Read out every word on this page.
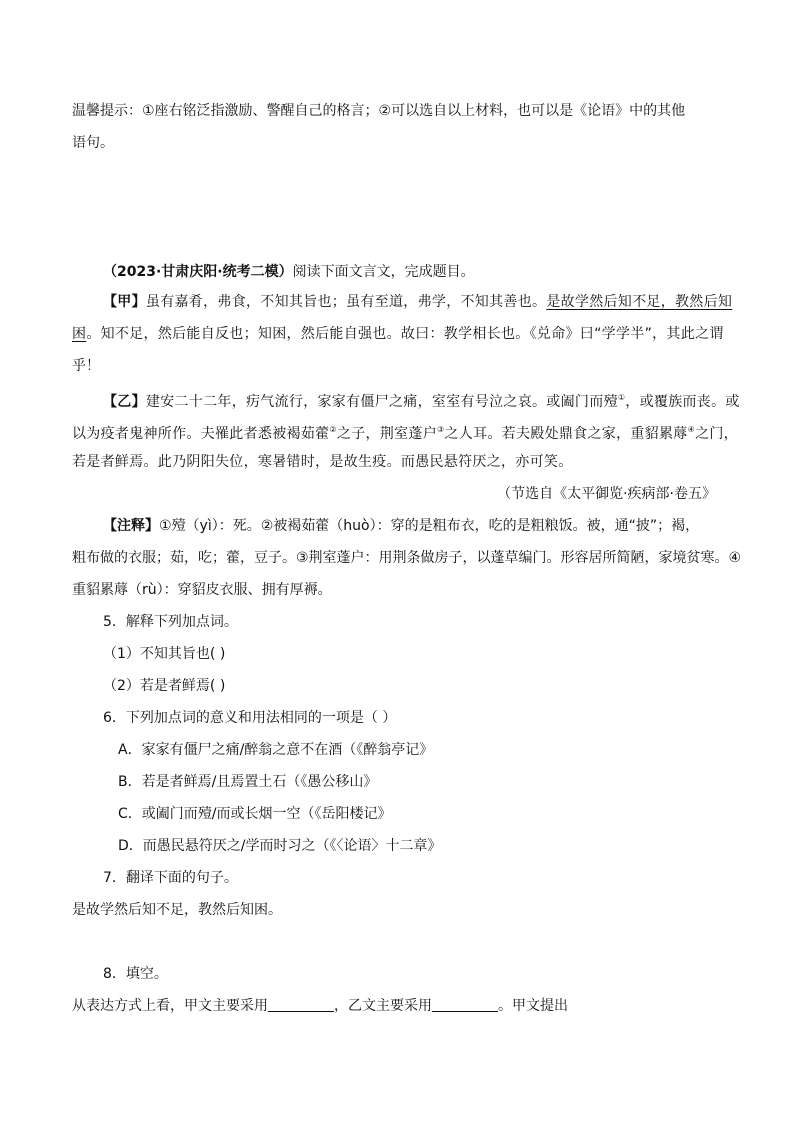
温馨提示：①座右铭泛指激励、警醒自己的格言；②可以选自以上材料，也可以是《论语》中的其他
语句。
（2023·甘肃庆阳·统考二模）阅读下面文言文，完成题目。
【甲】虽有嘉肴，弗食，不知其旨也；虽有至道，弗学，不知其善也。是故学然后知不足，教然后知
困。知不足，然后能自反也；知困，然后能自强也。故曰：教学相长也。《兑命》曰“学学半”，其此之谓
乎！
【乙】建安二十二年，疠气流行，家家有僵尸之痛，室室有号泣之哀。或阖门而殪①，或覆族而丧。或
以为疫者鬼神所作。夫罹此者悉被褐茹藿②之子，荆室蓬户③之人耳。若夫殿处鼎食之家，重貂累蓐④之门，
若是者鲜焉。此乃阴阳失位，寒暑错时，是故生疫。而愚民悬符厌之，亦可笑。
（节选自《太平御览·疾病部·卷五》
【注释】①殪（yì）：死。②被褐茹藿（huò）：穿的是粗布衣，吃的是粗粮饭。被，通“披”；褐，
粗布做的衣服；茹，吃；藿，豆子。③荆室蓬户：用荆条做房子，以蓬草编门。形容居所简陋，家境贫寒。④
重貂累蓐（rù）：穿貂皮衣服、拥有厚褥。
5．解释下列加点词。
（1）不知其旨也( )
（2）若是者鲜焉( )
6．下列加点词的意义和用法相同的一项是（ ）
A．家家有僵尸之痛/醉翁之意不在酒（《醉翁亭记》
B．若是者鲜焉/且焉置土石（《愚公移山》
C．或阖门而殪/而或长烟一空（《岳阳楼记》
D．而愚民悬符厌之/学而时习之（《〈论语〉十二章》
7．翻译下面的句子。
是故学然后知不足，教然后知困。
8．填空。
从表达方式上看，甲文主要采用	，乙文主要采用	。甲文提出
